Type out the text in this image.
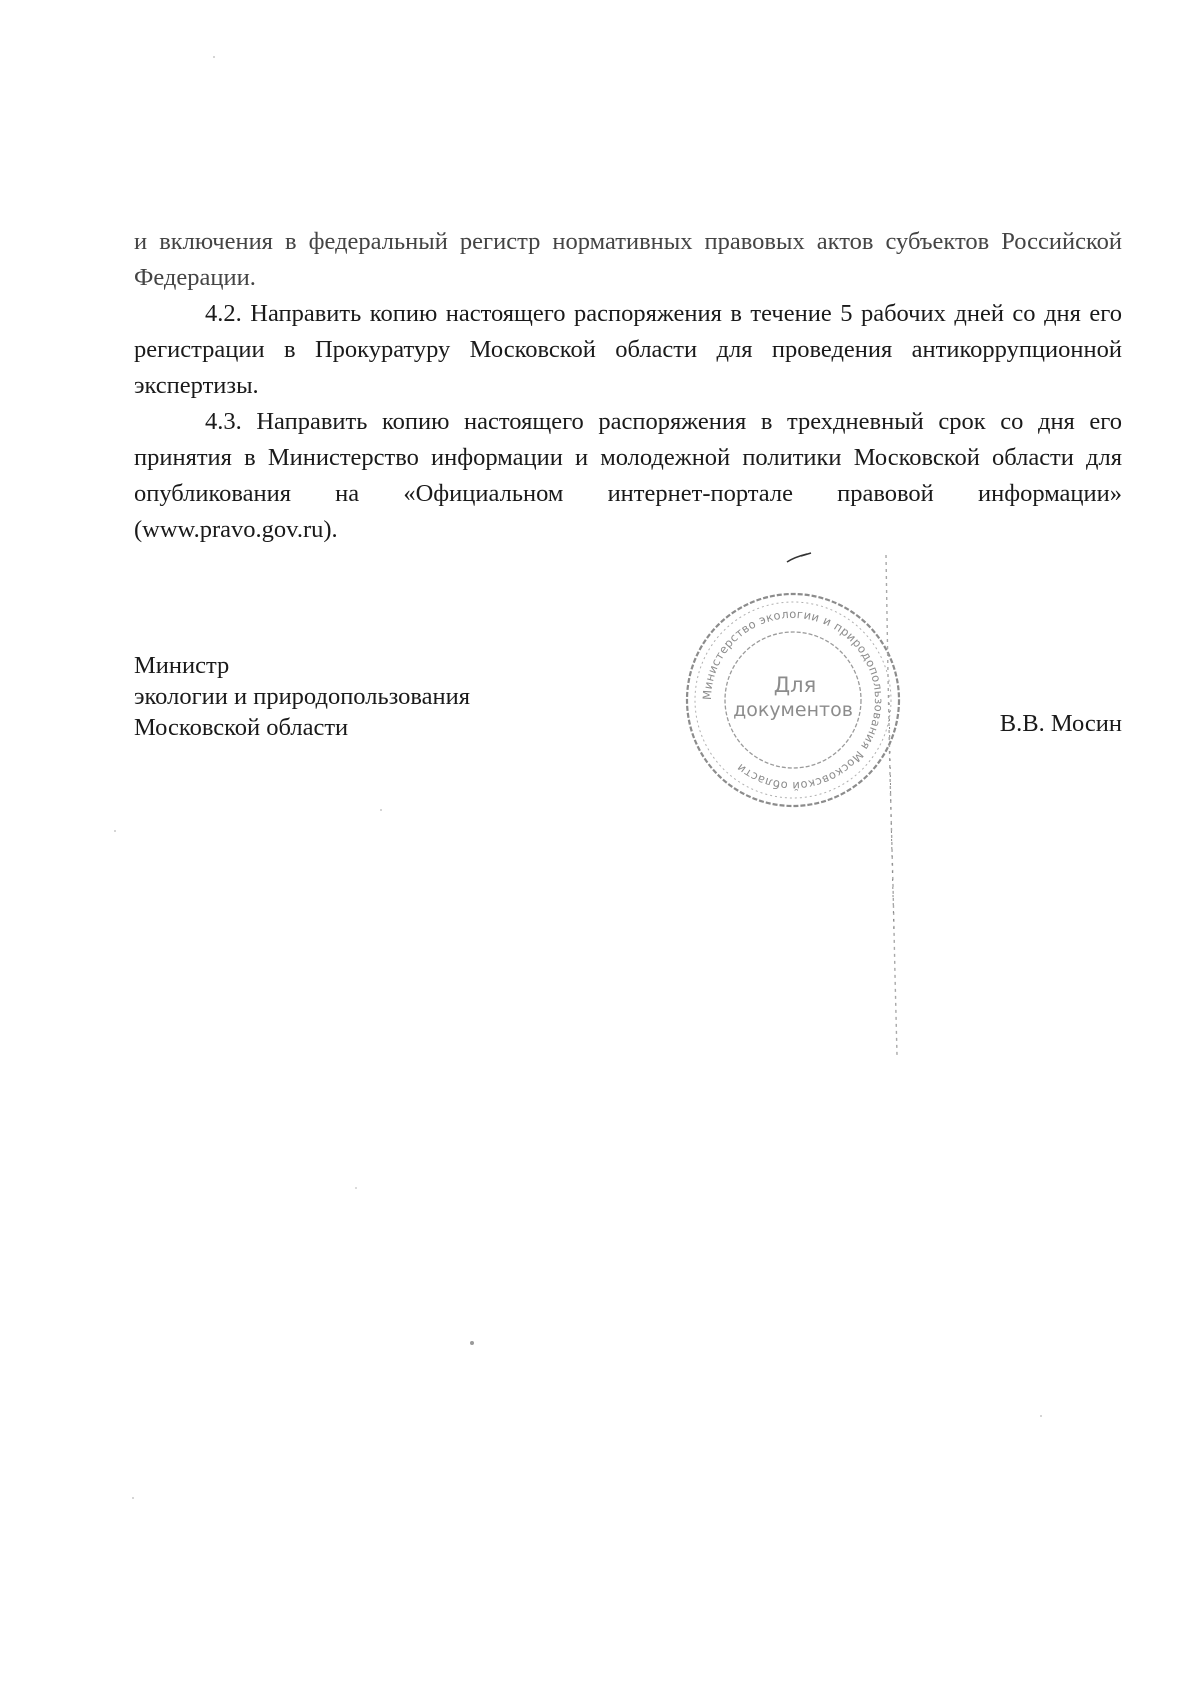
и включения в федеральный регистр нормативных правовых актов субъектов Российской Федерации.

4.2. Направить копию настоящего распоряжения в течение 5 рабочих дней со дня его регистрации в Прокуратуру Московской области для проведения антикоррупционной экспертизы.

4.3. Направить копию настоящего распоряжения в трехдневный срок со дня его принятия в Министерство информации и молодежной политики Московской области для опубликования на «Официальном интернет-портале правовой информации» (www.pravo.gov.ru).

Министр
экологии и природопользования
Московской области	В.В. Мосин
Министерство экологии и природопользования Московской области
Для
документов
